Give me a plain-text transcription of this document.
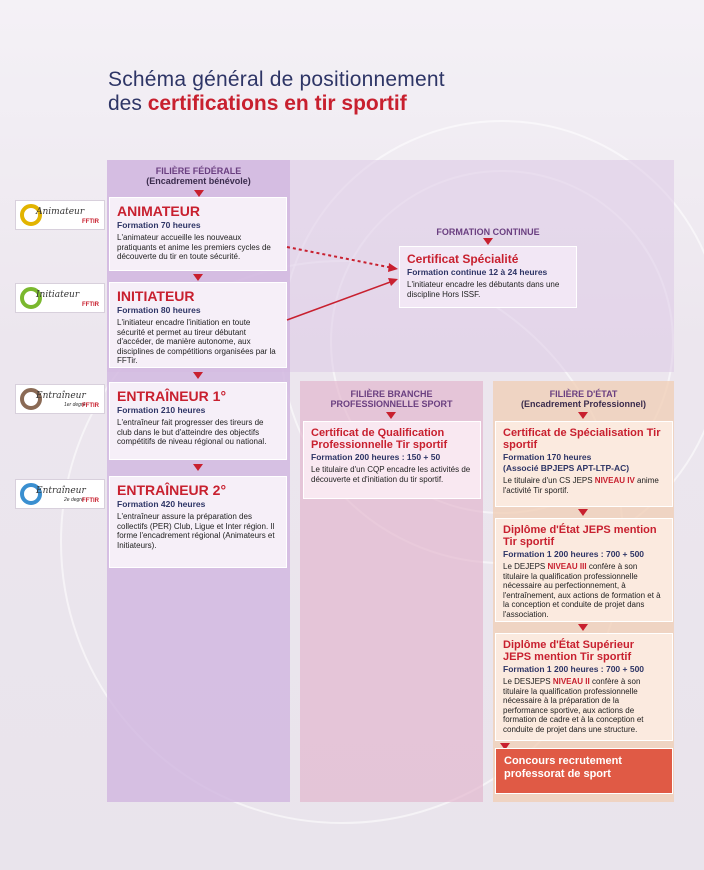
Schéma général de positionnement
des certifications en tir sportif
FILIÈRE FÉDÉRALE
(Encadrement bénévole)
FORMATION CONTINUE
FILIÈRE BRANCHE
PROFESSIONNELLE SPORT
FILIÈRE D'ÉTAT
(Encadrement Professionnel)
Animateur
FFTIR
Initiateur
FFTIR
Entraîneur
1er degré
FFTIR
Entraîneur
2e degré
FFTIR
ANIMATEUR
Formation 70 heures
L'animateur accueille les nouveaux pratiquants et anime les premiers cycles de découverte du tir en toute sécurité.
INITIATEUR
Formation 80 heures
L'initiateur encadre l'initiation en toute sécurité et permet au tireur débutant d'accéder, de manière autonome, aux disciplines de compétitions organisées par la FFTir.
ENTRAÎNEUR 1°
Formation 210 heures
L'entraîneur fait progresser des tireurs de club dans le but d'atteindre des objectifs compétitifs de niveau régional ou national.
ENTRAÎNEUR 2°
Formation 420 heures
L'entraîneur assure la préparation des collectifs (PER) Club, Ligue et Inter région. Il forme l'encadrement régional (Animateurs et Initiateurs).
Certificat Spécialité
Formation continue 12 à 24 heures
L'initiateur encadre les débutants dans une discipline Hors ISSF.
Certificat de Qualification Professionnelle Tir sportif
Formation 200 heures : 150 + 50
Le titulaire d'un CQP encadre les activités de découverte et d'initiation du tir sportif.
Certificat de Spécialisation Tir sportif
Formation 170 heures
(Associé BPJEPS APT-LTP-AC)
Le titulaire d'un CS JEPS NIVEAU IV anime l'activité Tir sportif.
Diplôme d'État JEPS mention Tir sportif
Formation 1 200 heures : 700 + 500
Le DEJEPS NIVEAU III confère à son titulaire la qualification professionnelle nécessaire au perfectionnement, à l'entraînement, aux actions de formation et à la conception et conduite de projet dans l'association.
Diplôme d'État Supérieur JEPS mention Tir sportif
Formation 1 200 heures : 700 + 500
Le DESJEPS NIVEAU II confère à son titulaire la qualification professionnelle nécessaire à la préparation de la performance sportive, aux actions de formation de cadre et à la conception et conduite de projet dans une structure.
Concours recrutement professorat de sport
